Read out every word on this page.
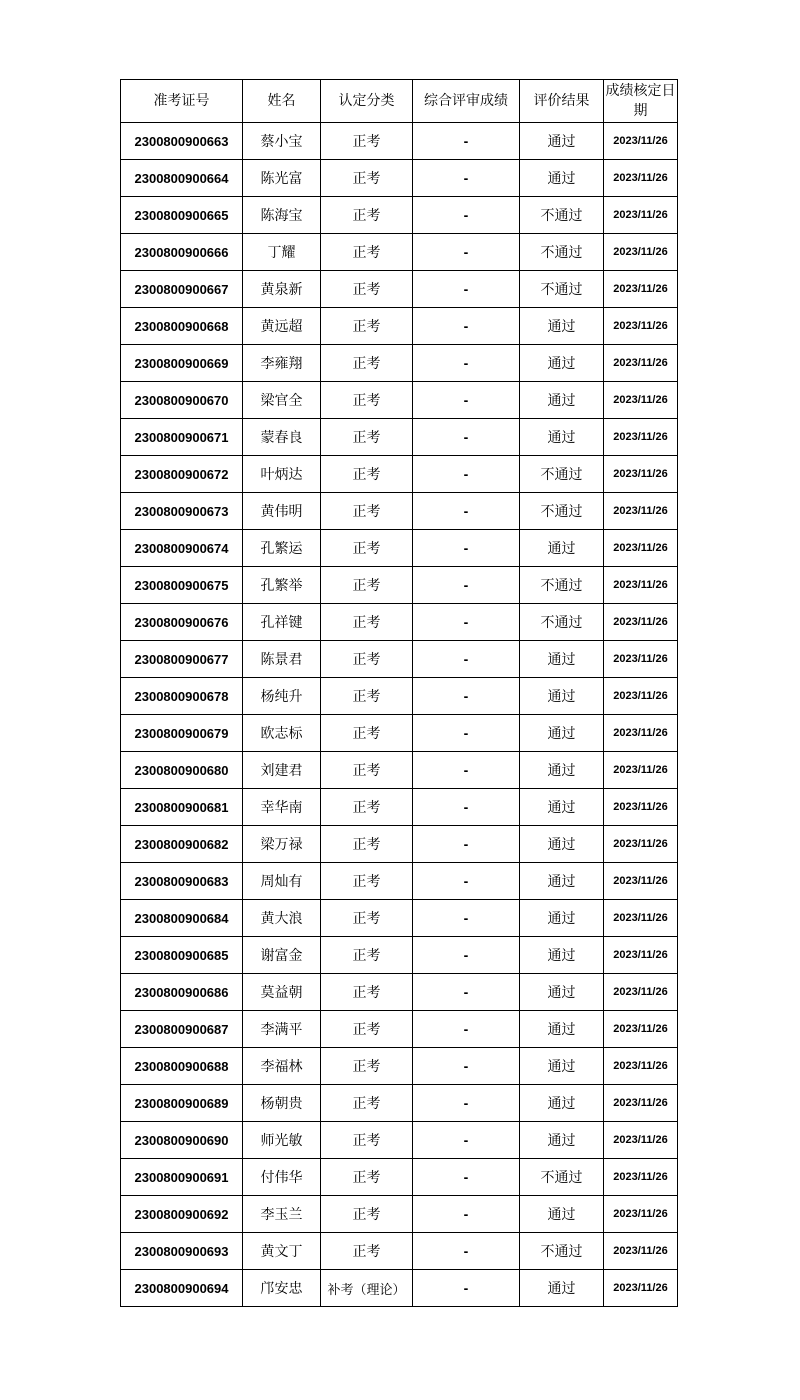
准考证号	姓名	认定分类	综合评审成绩	评价结果	成绩核定日期
2300800900663	蔡小宝	正考	-	通过	2023/11/26
2300800900664	陈光富	正考	-	通过	2023/11/26
2300800900665	陈海宝	正考	-	不通过	2023/11/26
2300800900666	丁耀	正考	-	不通过	2023/11/26
2300800900667	黄泉新	正考	-	不通过	2023/11/26
2300800900668	黄远超	正考	-	通过	2023/11/26
2300800900669	李雍翔	正考	-	通过	2023/11/26
2300800900670	梁官全	正考	-	通过	2023/11/26
2300800900671	蒙春良	正考	-	通过	2023/11/26
2300800900672	叶炳达	正考	-	不通过	2023/11/26
2300800900673	黄伟明	正考	-	不通过	2023/11/26
2300800900674	孔繁运	正考	-	通过	2023/11/26
2300800900675	孔繁举	正考	-	不通过	2023/11/26
2300800900676	孔祥键	正考	-	不通过	2023/11/26
2300800900677	陈景君	正考	-	通过	2023/11/26
2300800900678	杨纯升	正考	-	通过	2023/11/26
2300800900679	欧志标	正考	-	通过	2023/11/26
2300800900680	刘建君	正考	-	通过	2023/11/26
2300800900681	幸华南	正考	-	通过	2023/11/26
2300800900682	梁万禄	正考	-	通过	2023/11/26
2300800900683	周灿有	正考	-	通过	2023/11/26
2300800900684	黄大浪	正考	-	通过	2023/11/26
2300800900685	谢富金	正考	-	通过	2023/11/26
2300800900686	莫益朝	正考	-	通过	2023/11/26
2300800900687	李满平	正考	-	通过	2023/11/26
2300800900688	李福林	正考	-	通过	2023/11/26
2300800900689	杨朝贵	正考	-	通过	2023/11/26
2300800900690	师光敏	正考	-	通过	2023/11/26
2300800900691	付伟华	正考	-	不通过	2023/11/26
2300800900692	李玉兰	正考	-	通过	2023/11/26
2300800900693	黄文丁	正考	-	不通过	2023/11/26
2300800900694	邝安忠	补考（理论）	-	通过	2023/11/26
